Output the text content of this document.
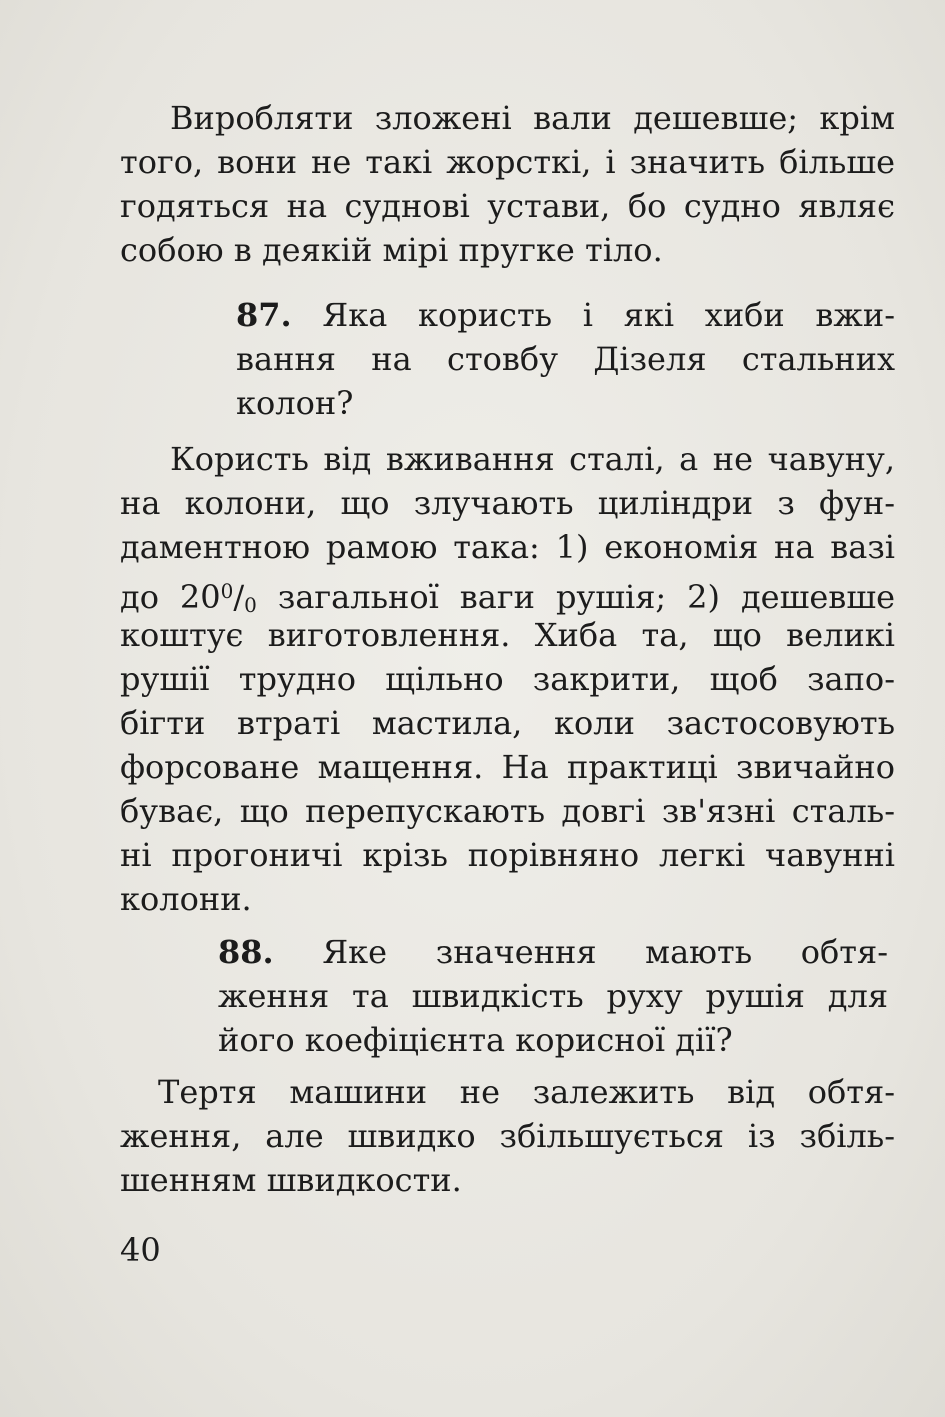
Виробляти зложені вали дешевше; крім
того, вони не такі жорсткі, і значить більше
годяться на суднові устави, бо судно являє
собою в деякій мірі пругке тіло.
87. Яка користь і які хиби вжи-
вання на стовбу Дізеля стальних
колон?
Користь від вживання сталі, а не чавуну,
на колони, що злучають циліндри з фун-
даментною рамою така: 1) економія на вазі
до $20^0/0$ загальної ваги рушія; 2) дешевше
коштує виготовлення. Хиба та, що великі
рушії трудно щільно закрити, щоб запо-
бігти втраті мастила, коли застосовують
форсоване мащення. На практиці звичайно
буває, що перепускають довгі зв'язні сталь-
ні прогоничі крізь порівняно легкі чавунні
колони.
88. Яке значення мають обтя-
ження та швидкість руху рушія для
його коефіцієнта корисної дії?
Тертя машини не залежить від обтя-
ження, але швидко збільшується із збіль-
шенням швидкости.
40
